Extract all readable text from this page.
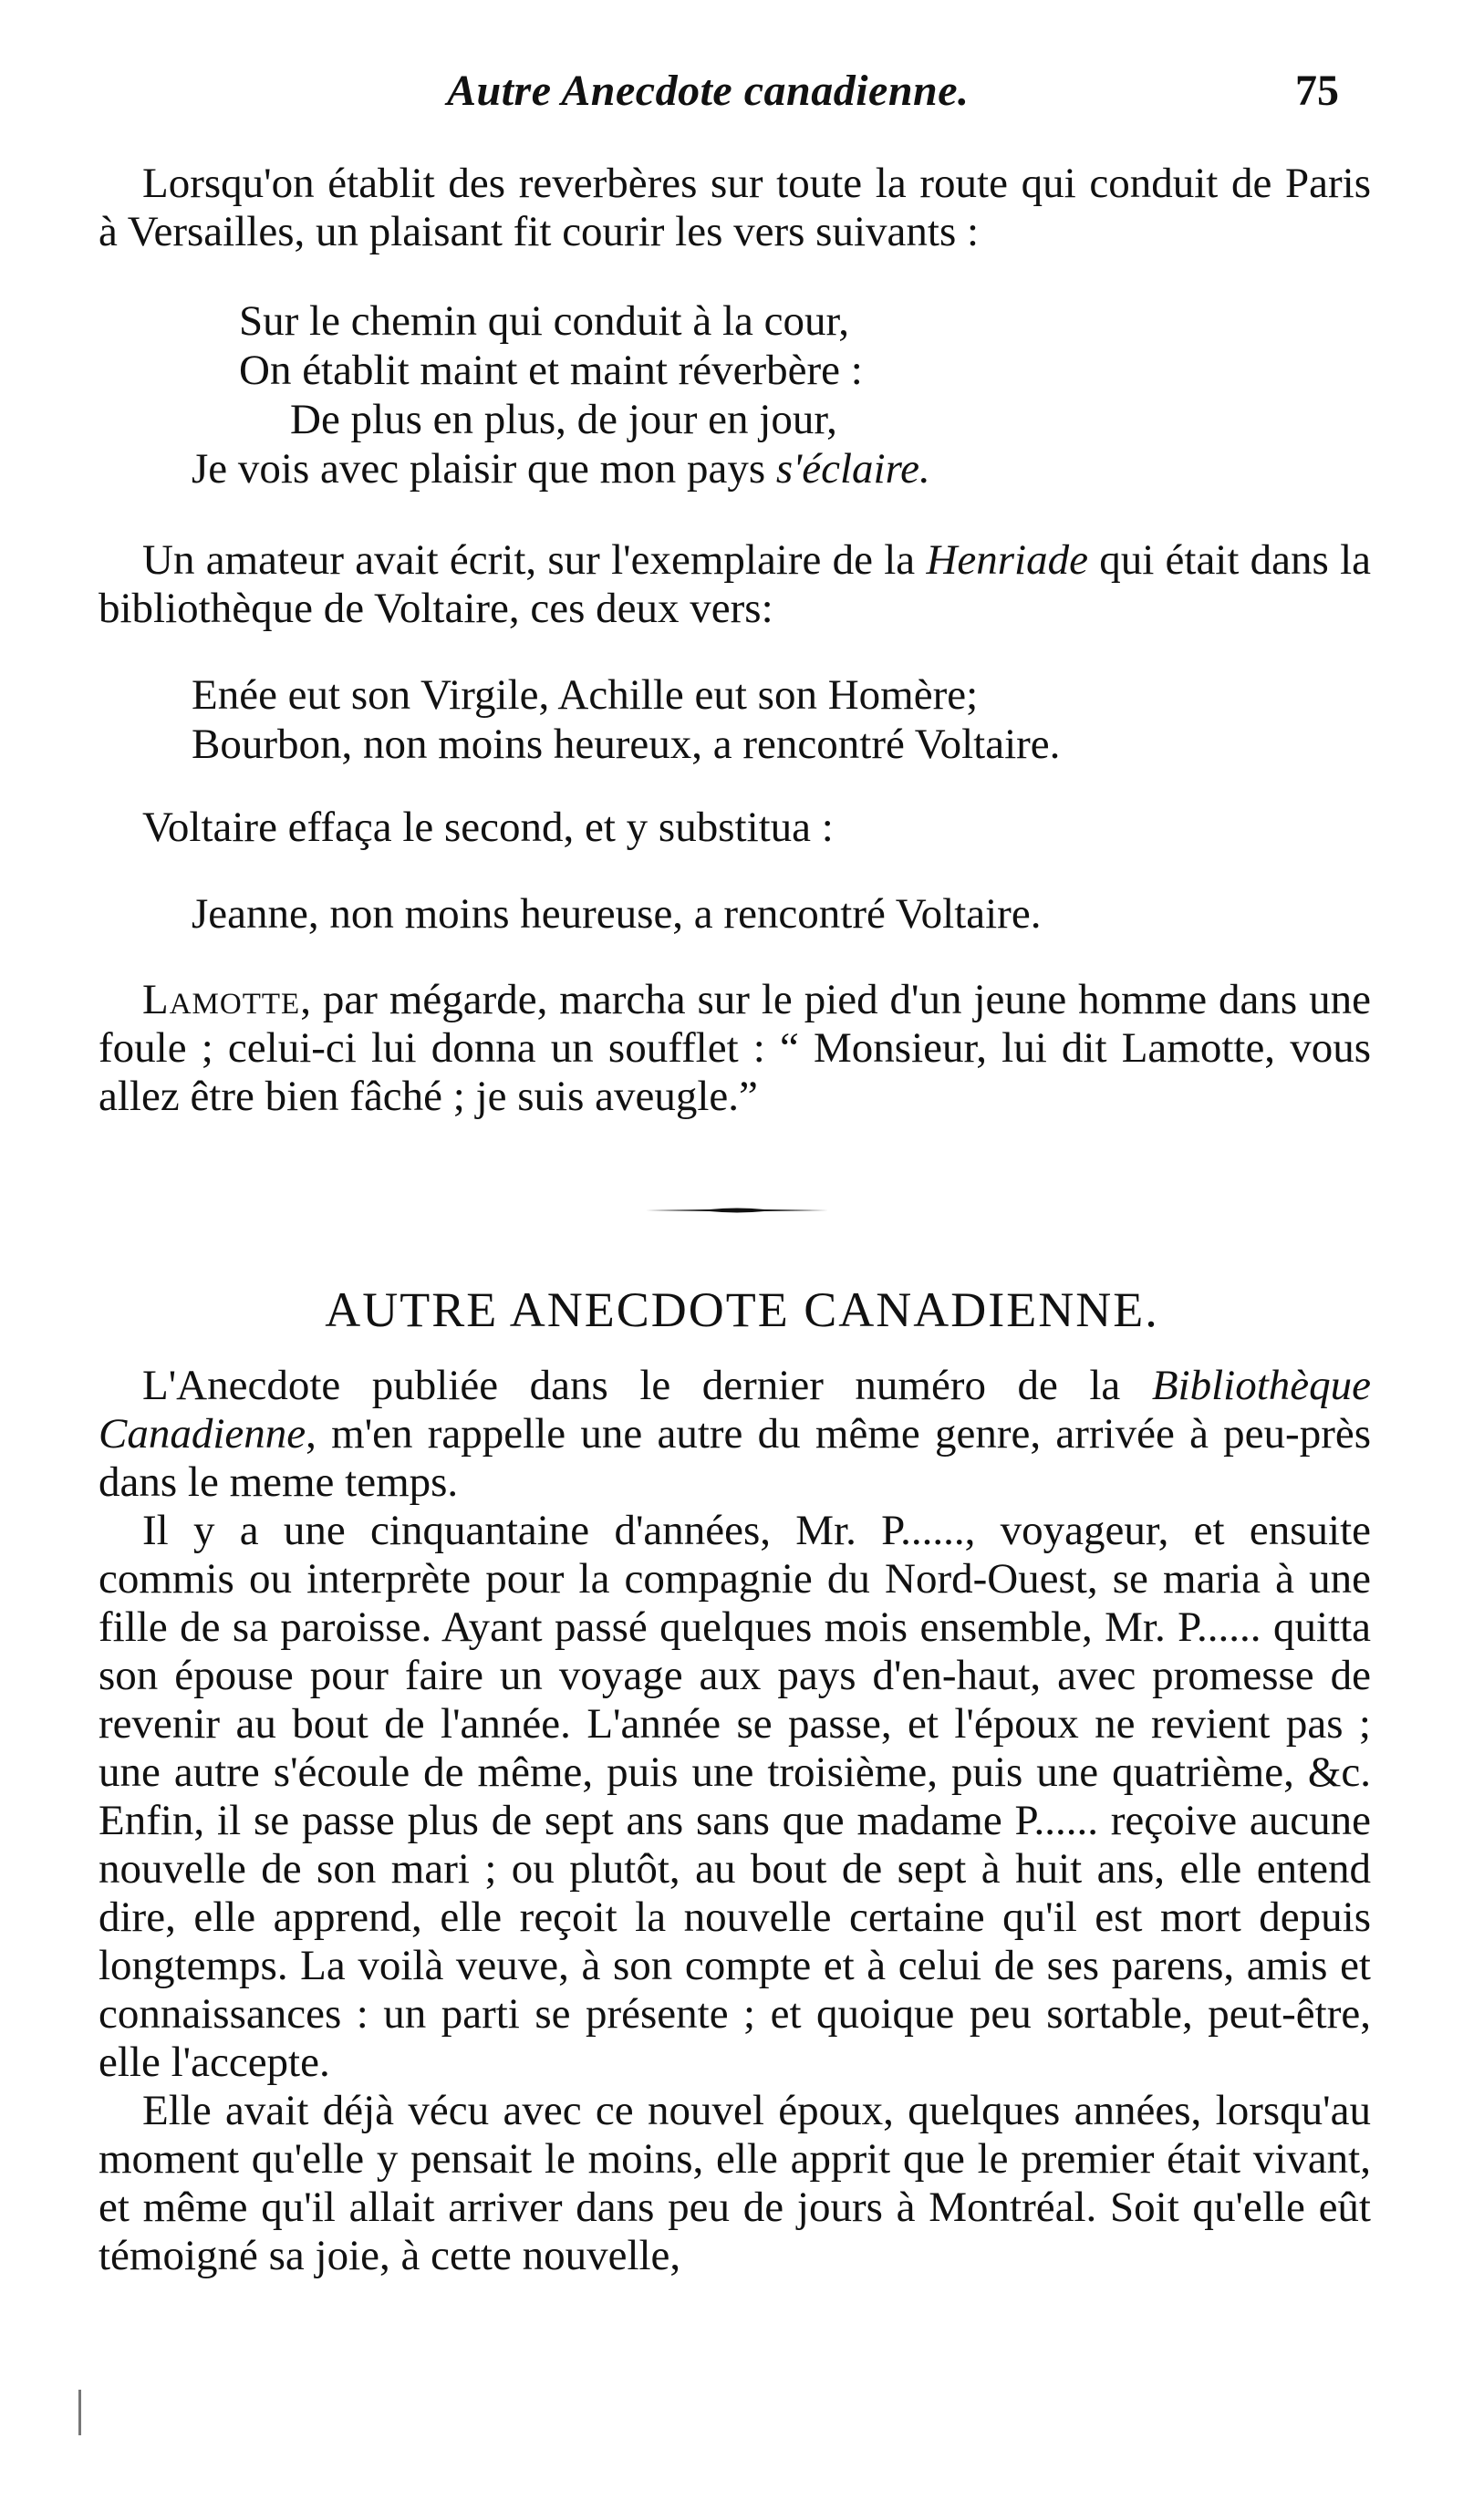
Autre Anecdote canadienne.	75

Lorsqu'on établit des reverbères sur toute la route qui conduit de Paris à Versailles, un plaisant fit courir les vers suivants :

Sur le chemin qui conduit à la cour,
On établit maint et maint réverbère :
De plus en plus, de jour en jour,
Je vois avec plaisir que mon pays s'éclaire.

Un amateur avait écrit, sur l'exemplaire de la Henriade qui était dans la bibliothèque de Voltaire, ces deux vers:

Enée eut son Virgile, Achille eut son Homère;
Bourbon, non moins heureux, a rencontré Voltaire.
Voltaire effaça le second, et y substitua :
Jeanne, non moins heureuse, a rencontré Voltaire.

Lamotte, par mégarde, marcha sur le pied d'un jeune homme dans une foule ; celui-ci lui donna un soufflet : “ Monsieur, lui dit Lamotte, vous allez être bien fâché ; je suis aveugle.”

AUTRE ANECDOTE CANADIENNE.

L'Anecdote publiée dans le dernier numéro de la Bibliothèque Canadienne, m'en rappelle une autre du même genre, arrivée à peu-près dans le meme temps.

Il y a une cinquantaine d'années, Mr. P......, voyageur, et ensuite commis ou interprète pour la compagnie du Nord-Ouest, se maria à une fille de sa paroisse. Ayant passé quelques mois ensemble, Mr. P...... quitta son épouse pour faire un voyage aux pays d'en-haut, avec promesse de revenir au bout de l'année. L'année se passe, et l'époux ne revient pas ; une autre s'écoule de même, puis une troisième, puis une quatrième, &c. Enfin, il se passe plus de sept ans sans que madame P...... reçoive aucune nouvelle de son mari ; ou plutôt, au bout de sept à huit ans, elle entend dire, elle apprend, elle reçoit la nouvelle certaine qu'il est mort depuis longtemps. La voilà veuve, à son compte et à celui de ses parens, amis et connaissances : un parti se présente ; et quoique peu sortable, peut-être, elle l'accepte.

Elle avait déjà vécu avec ce nouvel époux, quelques années, lorsqu'au moment qu'elle y pensait le moins, elle apprit que le premier était vivant, et même qu'il allait arriver dans peu de jours à Montréal. Soit qu'elle eût témoigné sa joie, à cette nouvelle,
